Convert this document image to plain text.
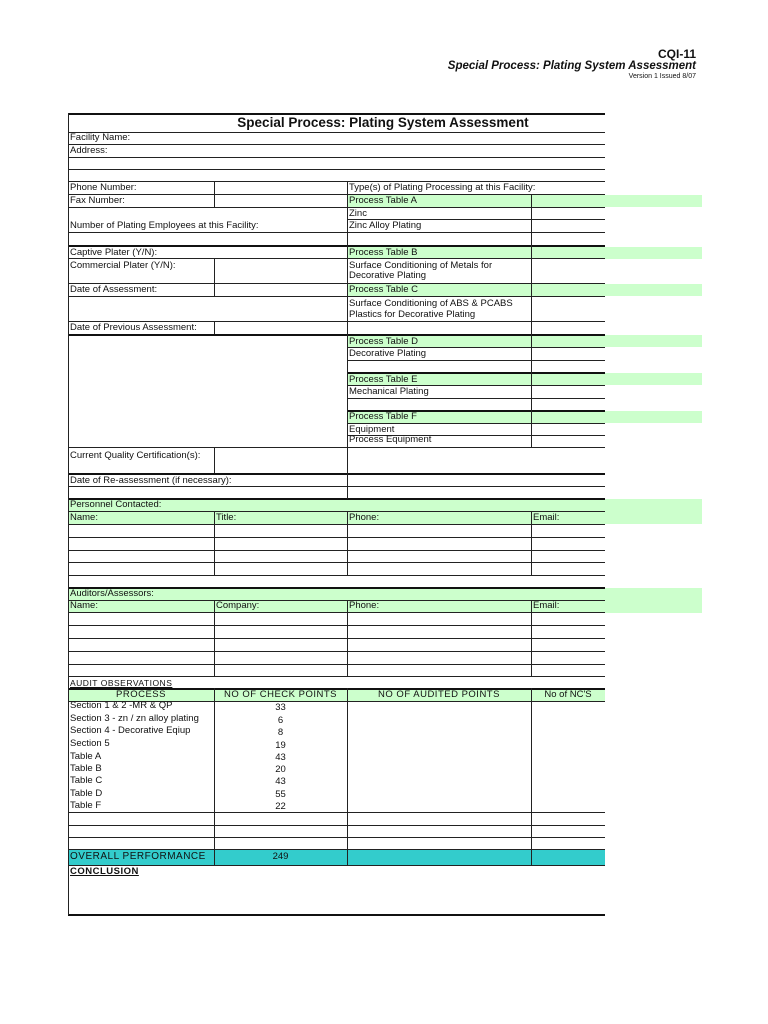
CQI-11
Special Process: Plating System Assessment
Version 1 Issued 8/07
Special Process: Plating System Assessment
Facility Name:
Address:
Phone Number:
Fax Number:
Number of Plating Employees at this Facility:
Captive Plater (Y/N):
Commercial Plater (Y/N):
Date of Assessment:
Date of Previous Assessment:
Current Quality Certification(s):
Date of Re-assessment (if necessary):
Type(s) of Plating Processing at this Facility:
Process Table A
Zinc
Zinc Alloy Plating
Process Table B
Surface Conditioning of Metals for
Decorative Plating
Process Table C
Surface Conditioning of ABS & PCABS
Plastics for Decorative Plating
Process Table D
Decorative Plating
Process Table E
Mechanical Plating
Process Table F
Equipment
Process Equipment
Personnel Contacted:
Name:	Title:	Phone:	Email:
Auditors/Assessors:
Name:	Company:	Phone:	Email:
AUDIT OBSERVATIONS
PROCESS	NO OF CHECK POINTS	NO OF AUDITED POINTS	No of NC'S
Section 1 & 2 -MR & QP	33
Section 3 - zn / zn alloy plating	6
Section 4 - Decorative Eqiup	8
Section 5	19
Table A	43
Table B	20
Table C	43
Table D	55
Table F	22
OVERALL PERFORMANCE	249
CONCLUSION
